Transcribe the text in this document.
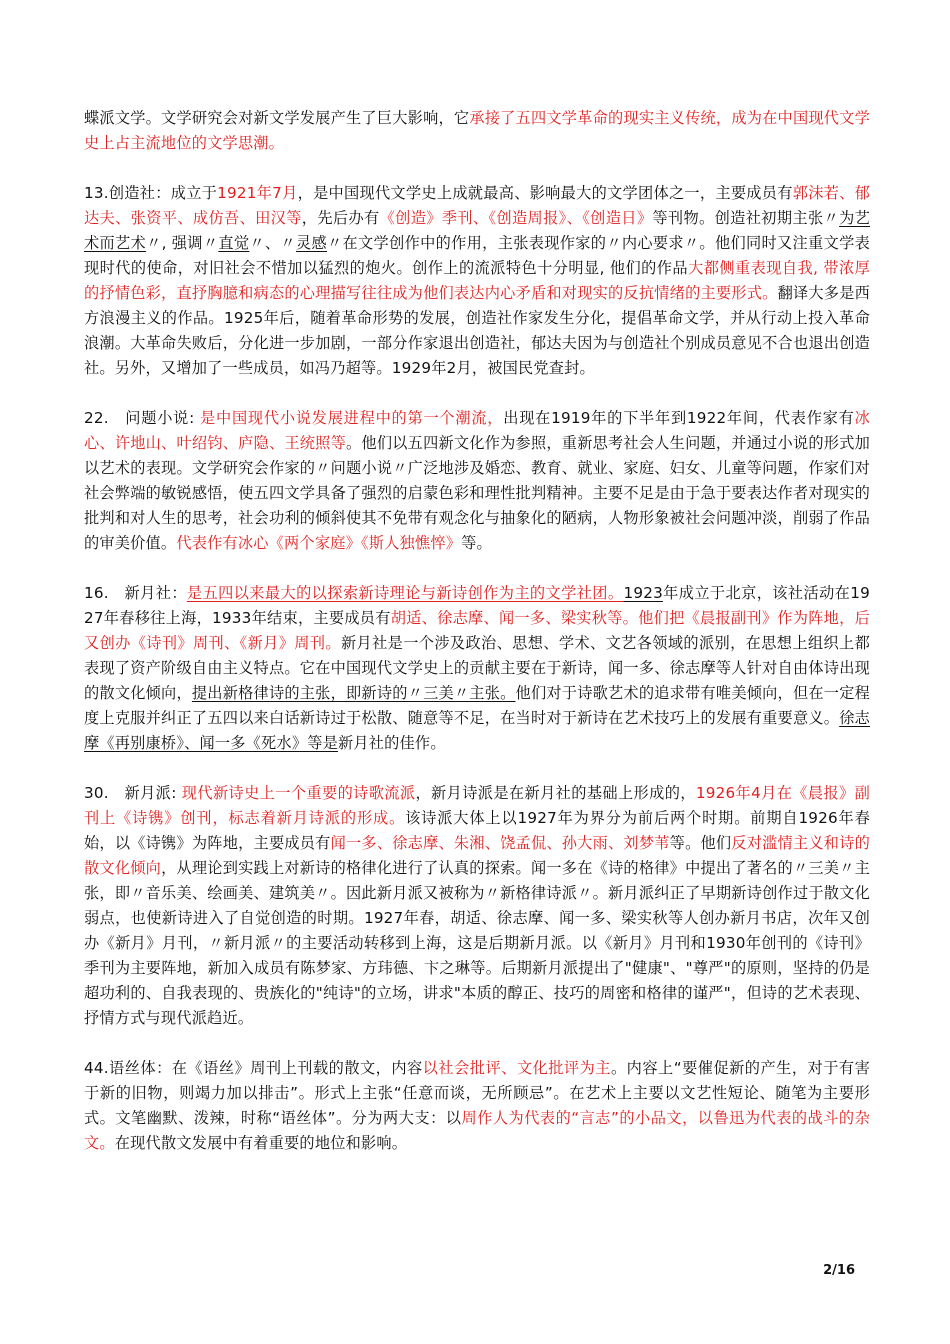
蝶派文学。文学研究会对新文学发展产生了巨大影响，它承接了五四文学革命的现实主义传统，成为在中国现代文学史上占主流地位的文学思潮。

13.创造社：成立于1921年7月，是中国现代文学史上成就最高、影响最大的文学团体之一，主要成员有郭沫若、郁达夫、张资平、成仿吾、田汉等，先后办有《创造》季刊、《创造周报》、《创造日》等刊物。创造社初期主张〃为艺术而艺术〃, 强调〃直觉〃、〃灵感〃在文学创作中的作用，主张表现作家的〃内心要求〃。他们同时又注重文学表现时代的使命，对旧社会不惜加以猛烈的炮火。创作上的流派特色十分明显, 他们的作品大都侧重表现自我, 带浓厚的抒情色彩，直抒胸臆和病态的心理描写往往成为他们表达内心矛盾和对现实的反抗情绪的主要形式。翻译大多是西方浪漫主义的作品。1925年后，随着革命形势的发展，创造社作家发生分化，提倡革命文学，并从行动上投入革命浪潮。大革命失败后，分化进一步加剧，一部分作家退出创造社，郁达夫因为与创造社个别成员意见不合也退出创造社。另外，又增加了一些成员，如冯乃超等。1929年2月，被国民党查封。

22.　问题小说: 是中国现代小说发展进程中的第一个潮流，出现在1919年的下半年到1922年间，代表作家有冰心、许地山、叶绍钧、庐隐、王统照等。他们以五四新文化作为参照，重新思考社会人生问题，并通过小说的形式加以艺术的表现。文学研究会作家的〃问题小说〃广泛地涉及婚恋、教育、就业、家庭、妇女、儿童等问题，作家们对社会弊端的敏锐感悟，使五四文学具备了强烈的启蒙色彩和理性批判精神。主要不足是由于急于要表达作者对现实的批判和对人生的思考，社会功利的倾斜使其不免带有观念化与抽象化的陋病，人物形象被社会问题冲淡，削弱了作品的审美价值。代表作有冰心《两个家庭》《斯人独憔悴》等。

16.　新月社：是五四以来最大的以探索新诗理论与新诗创作为主的文学社团。1923年成立于北京，该社活动在1927年春移往上海，1933年结束，主要成员有胡适、徐志摩、闻一多、梁实秋等。他们把《晨报副刊》作为阵地，后又创办《诗刊》周刊、《新月》周刊。新月社是一个涉及政治、思想、学术、文艺各领域的派别，在思想上组织上都表现了资产阶级自由主义特点。它在中国现代文学史上的贡献主要在于新诗，闻一多、徐志摩等人针对自由体诗出现的散文化倾向，提出新格律诗的主张，即新诗的〃三美〃主张。他们对于诗歌艺术的追求带有唯美倾向，但在一定程度上克服并纠正了五四以来白话新诗过于松散、随意等不足，在当时对于新诗在艺术技巧上的发展有重要意义。徐志摩《再别康桥》、闻一多《死水》等是新月社的佳作。

30.　新月派: 现代新诗史上一个重要的诗歌流派，新月诗派是在新月社的基础上形成的，1926年4月在《晨报》副刊上《诗镌》创刊，标志着新月诗派的形成。该诗派大体上以1927年为界分为前后两个时期。前期自1926年春始，以《诗镌》为阵地，主要成员有闻一多、徐志摩、朱湘、饶孟侃、孙大雨、刘梦苇等。他们反对滥情主义和诗的散文化倾向，从理论到实践上对新诗的格律化进行了认真的探索。闻一多在《诗的格律》中提出了著名的〃三美〃主张，即〃音乐美、绘画美、建筑美〃。因此新月派又被称为〃新格律诗派〃。新月派纠正了早期新诗创作过于散文化弱点，也使新诗进入了自觉创造的时期。1927年春，胡适、徐志摩、闻一多、梁实秋等人创办新月书店，次年又创办《新月》月刊，〃新月派〃的主要活动转移到上海，这是后期新月派。以《新月》月刊和1930年创刊的《诗刊》季刊为主要阵地，新加入成员有陈梦家、方玮德、卞之琳等。后期新月派提出了"健康"、"尊严"的原则，坚持的仍是超功利的、自我表现的、贵族化的"纯诗"的立场，讲求"本质的醇正、技巧的周密和格律的谨严"，但诗的艺术表现、抒情方式与现代派趋近。

44.语丝体：在《语丝》周刊上刊载的散文，内容以社会批评、文化批评为主。内容上“要催促新的产生，对于有害于新的旧物，则竭力加以排击”。形式上主张“任意而谈，无所顾忌”。在艺术上主要以文艺性短论、随笔为主要形式。文笔幽默、泼辣，时称“语丝体”。分为两大支：以周作人为代表的“言志”的小品文，以鲁迅为代表的战斗的杂文。在现代散文发展中有着重要的地位和影响。

2/16
